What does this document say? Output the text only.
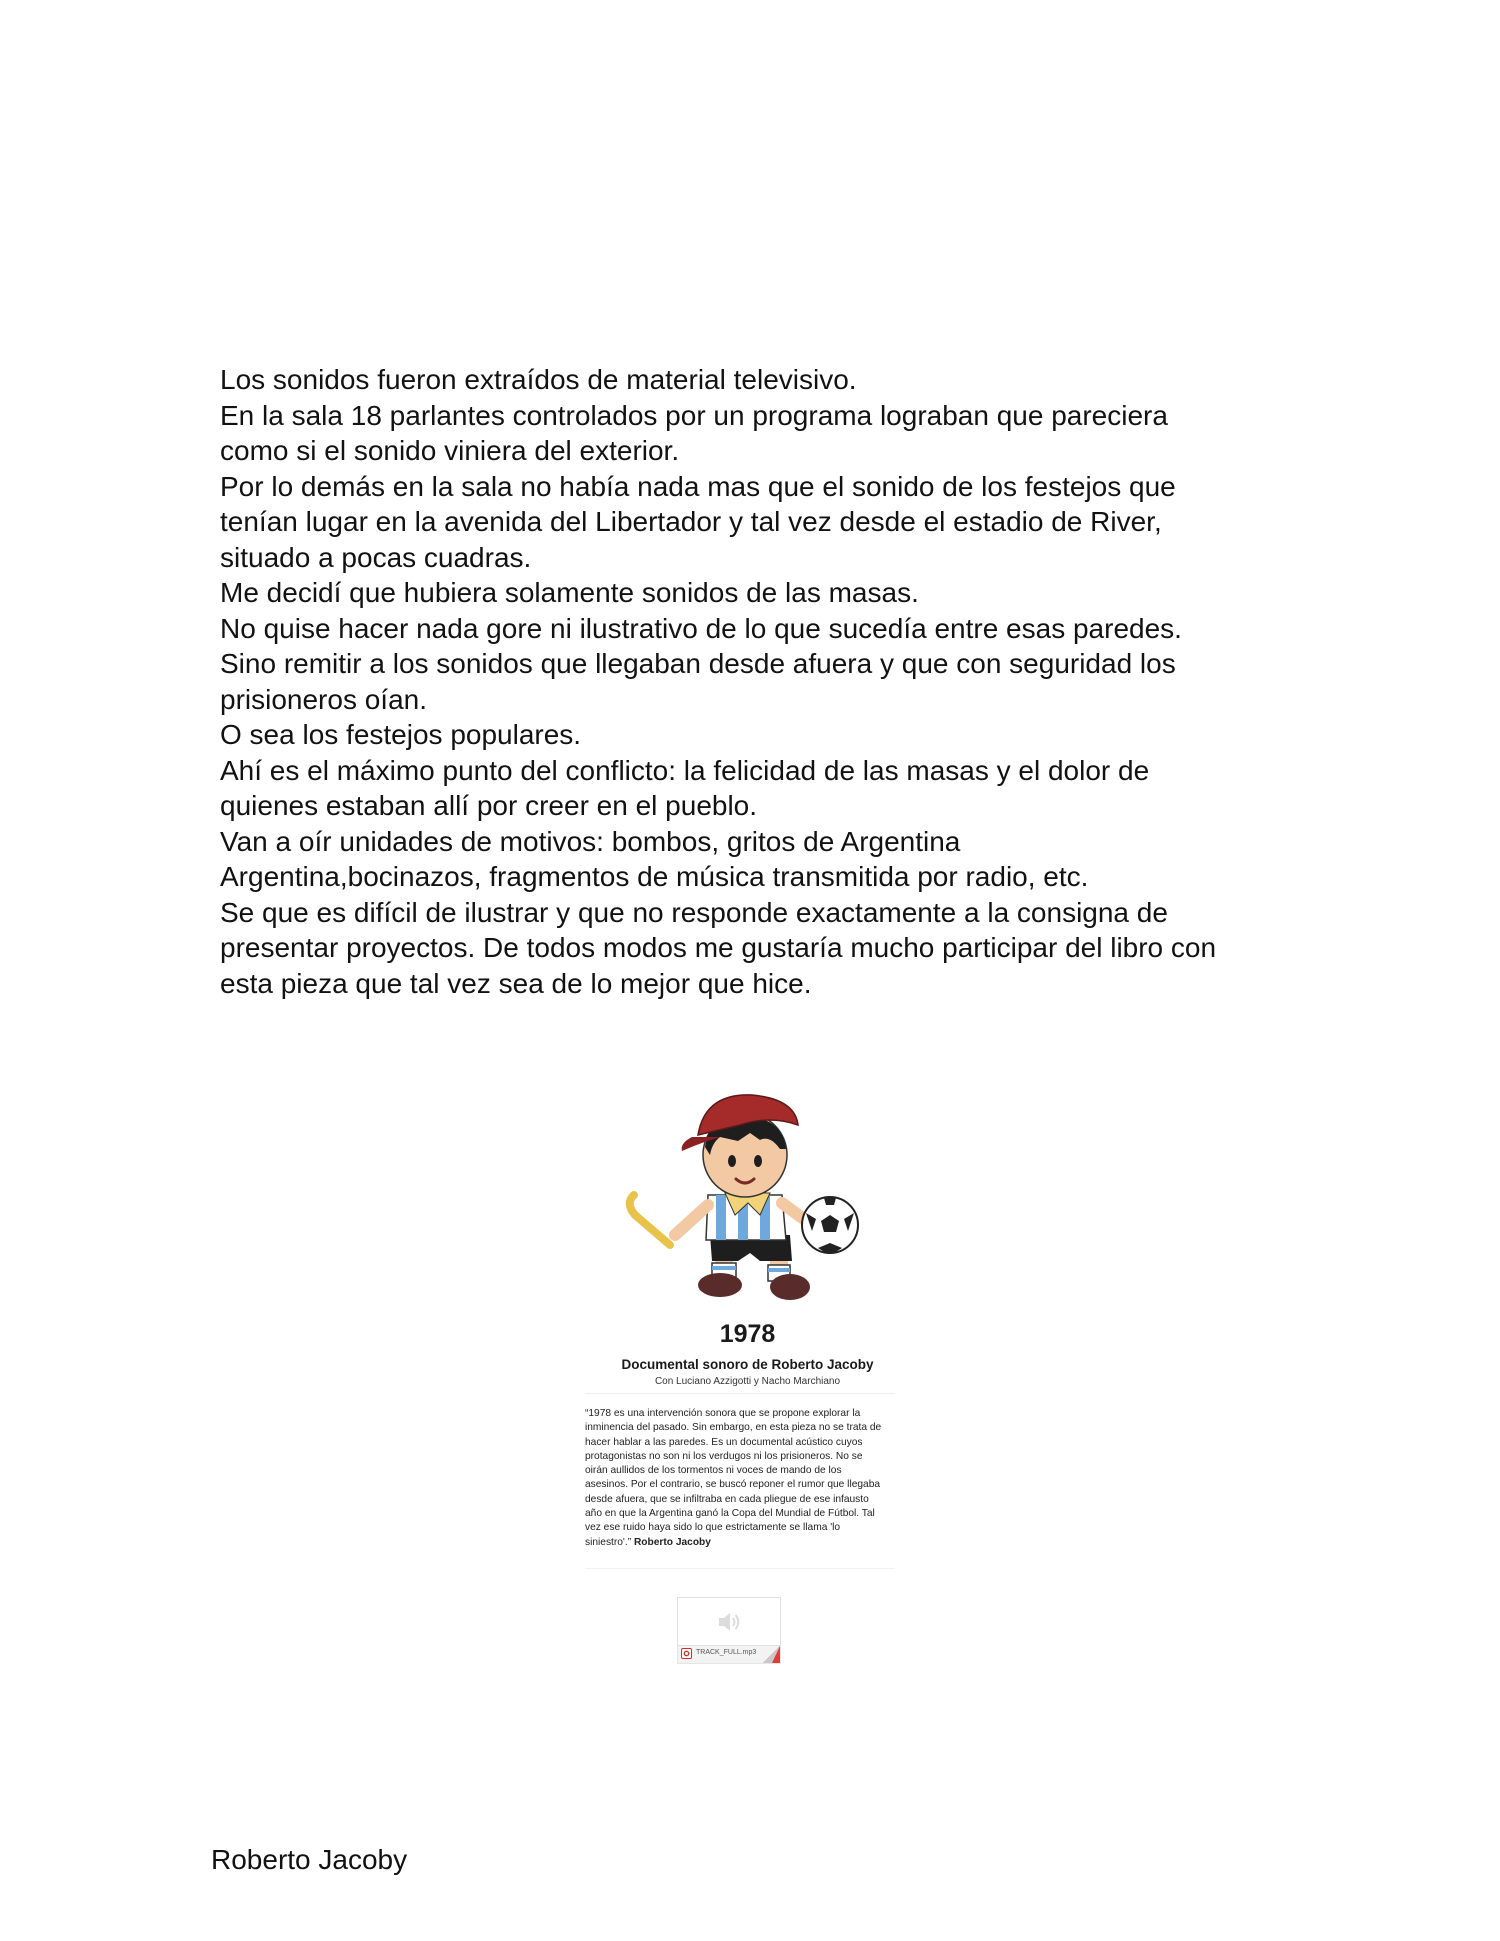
Los sonidos fueron extraídos de material televisivo.
En la sala 18 parlantes controlados por un programa lograban que pareciera
como si el sonido viniera del exterior.
Por lo demás en la sala no había nada mas que el sonido de los festejos que
tenían lugar en la avenida del Libertador y tal vez desde el estadio de River,
situado a pocas cuadras.
Me decidí que hubiera solamente sonidos de las masas.
No quise hacer nada gore ni ilustrativo de lo que sucedía entre esas paredes.
Sino remitir a los sonidos que llegaban desde afuera y que con seguridad los
prisioneros oían.
O sea los festejos populares.
Ahí es el máximo punto del conflicto: la felicidad de las masas y el dolor de
quienes estaban allí por creer en el pueblo.
Van a oír unidades de motivos: bombos, gritos de Argentina
Argentina,bocinazos, fragmentos de música transmitida por radio, etc.
Se que es difícil de ilustrar y que no responde exactamente a la consigna de
presentar proyectos. De todos modos me gustaría mucho participar del libro con
esta pieza que tal vez sea de lo mejor que hice.
1978
Documental sonoro de Roberto Jacoby
Con Luciano Azzigotti y Nacho Marchiano
“1978 es una intervención sonora que se propone explorar la
inminencia del pasado. Sin embargo, en esta pieza no se trata de
hacer hablar a las paredes. Es un documental acústico cuyos
protagonistas no son ni los verdugos ni los prisioneros. No se
oirán aullidos de los tormentos ni voces de mando de los
asesinos. Por el contrario, se buscó reponer el rumor que llegaba
desde afuera, que se infiltraba en cada pliegue de ese infausto
año en que la Argentina ganó la Copa del Mundial de Fútbol. Tal
vez ese ruido haya sido lo que estrictamente se llama 'lo
siniestro'.” Roberto Jacoby
TRACK_FULL.mp3
Roberto Jacoby
